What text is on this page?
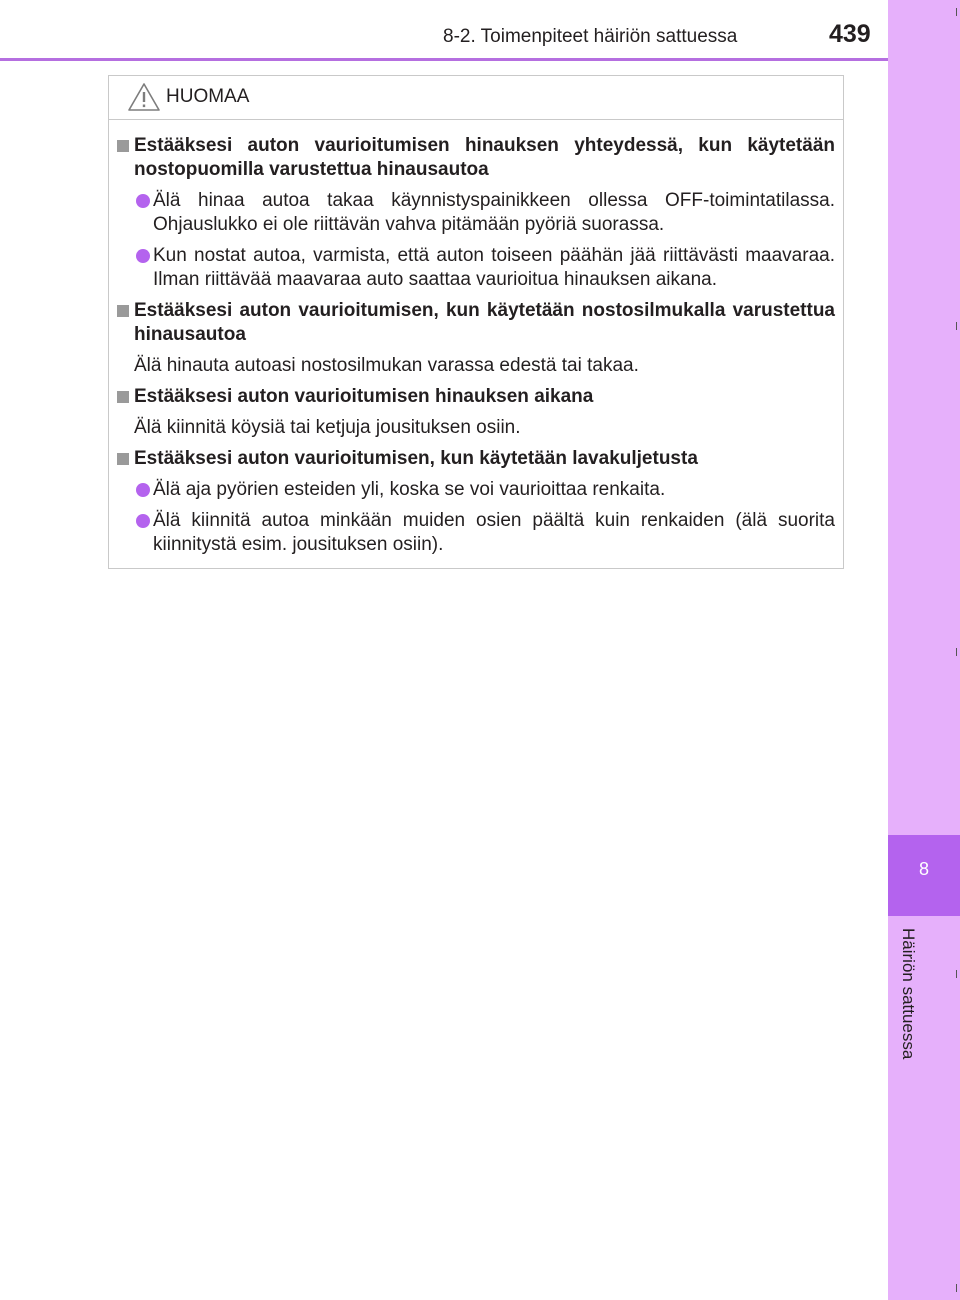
8-2. Toimenpiteet häiriön sattuessa	439
8
Häiriön sattuessa
HUOMAA
Estääksesi auton vaurioitumisen hinauksen yhteydessä, kun käytetään nostopuomilla varustettua hinausautoa
Älä hinaa autoa takaa käynnistyspainikkeen ollessa OFF-toimintatilassa. Ohjauslukko ei ole riittävän vahva pitämään pyöriä suorassa.
Kun nostat autoa, varmista, että auton toiseen päähän jää riittävästi maavaraa. Ilman riittävää maavaraa auto saattaa vaurioitua hinauksen aikana.
Estääksesi auton vaurioitumisen, kun käytetään nostosilmukalla varustettua hinausautoa
Älä hinauta autoasi nostosilmukan varassa edestä tai takaa.
Estääksesi auton vaurioitumisen hinauksen aikana
Älä kiinnitä köysiä tai ketjuja jousituksen osiin.
Estääksesi auton vaurioitumisen, kun käytetään lavakuljetusta
Älä aja pyörien esteiden yli, koska se voi vaurioittaa renkaita.
Älä kiinnitä autoa minkään muiden osien päältä kuin renkaiden (älä suorita kiinnitystä esim. jousituksen osiin).
